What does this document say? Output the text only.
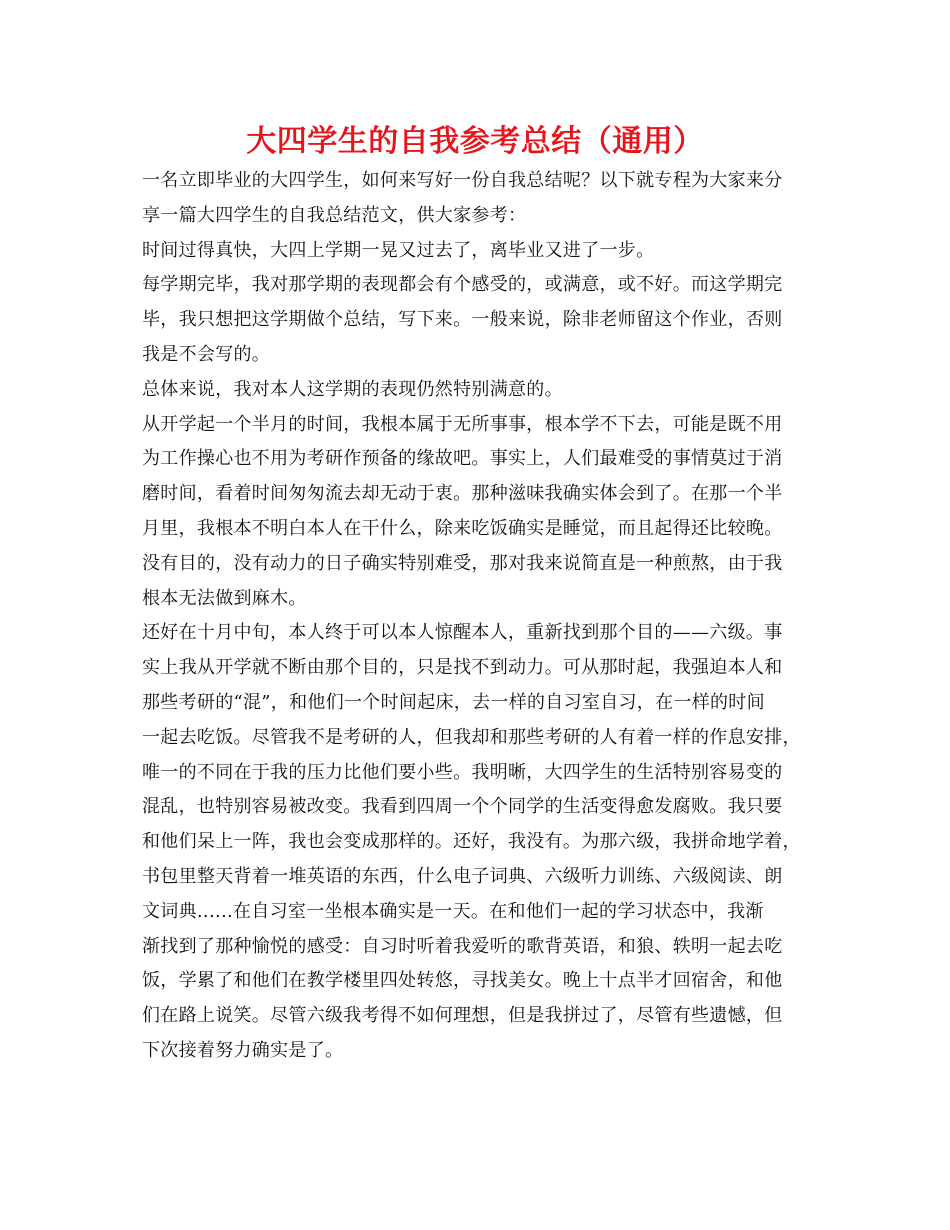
大四学生的自我参考总结（通用）
一名立即毕业的大四学生，如何来写好一份自我总结呢？以下就专程为大家来分
享一篇大四学生的自我总结范文，供大家参考：
时间过得真快，大四上学期一晃又过去了，离毕业又进了一步。
每学期完毕，我对那学期的表现都会有个感受的，或满意，或不好。而这学期完
毕，我只想把这学期做个总结，写下来。一般来说，除非老师留这个作业，否则
我是不会写的。
总体来说，我对本人这学期的表现仍然特别满意的。
从开学起一个半月的时间，我根本属于无所事事，根本学不下去，可能是既不用
为工作操心也不用为考研作预备的缘故吧。事实上，人们最难受的事情莫过于消
磨时间，看着时间匆匆流去却无动于衷。那种滋味我确实体会到了。在那一个半
月里，我根本不明白本人在干什么，除来吃饭确实是睡觉，而且起得还比较晚。
没有目的，没有动力的日子确实特别难受，那对我来说简直是一种煎熬，由于我
根本无法做到麻木。
还好在十月中旬，本人终于可以本人惊醒本人，重新找到那个目的——六级。事
实上我从开学就不断由那个目的，只是找不到动力。可从那时起，我强迫本人和
那些考研的“混”，和他们一个时间起床，去一样的自习室自习，在一样的时间
一起去吃饭。尽管我不是考研的人，但我却和那些考研的人有着一样的作息安排，
唯一的不同在于我的压力比他们要小些。我明晰，大四学生的生活特别容易变的
混乱，也特别容易被改变。我看到四周一个个同学的生活变得愈发腐败。我只要
和他们呆上一阵，我也会变成那样的。还好，我没有。为那六级，我拼命地学着，
书包里整天背着一堆英语的东西，什么电子词典、六级听力训练、六级阅读、朗
文词典......在自习室一坐根本确实是一天。在和他们一起的学习状态中，我渐
渐找到了那种愉悦的感受：自习时听着我爱听的歌背英语，和狼、轶明一起去吃
饭，学累了和他们在教学楼里四处转悠，寻找美女。晚上十点半才回宿舍，和他
们在路上说笑。尽管六级我考得不如何理想，但是我拼过了，尽管有些遗憾，但
下次接着努力确实是了。
